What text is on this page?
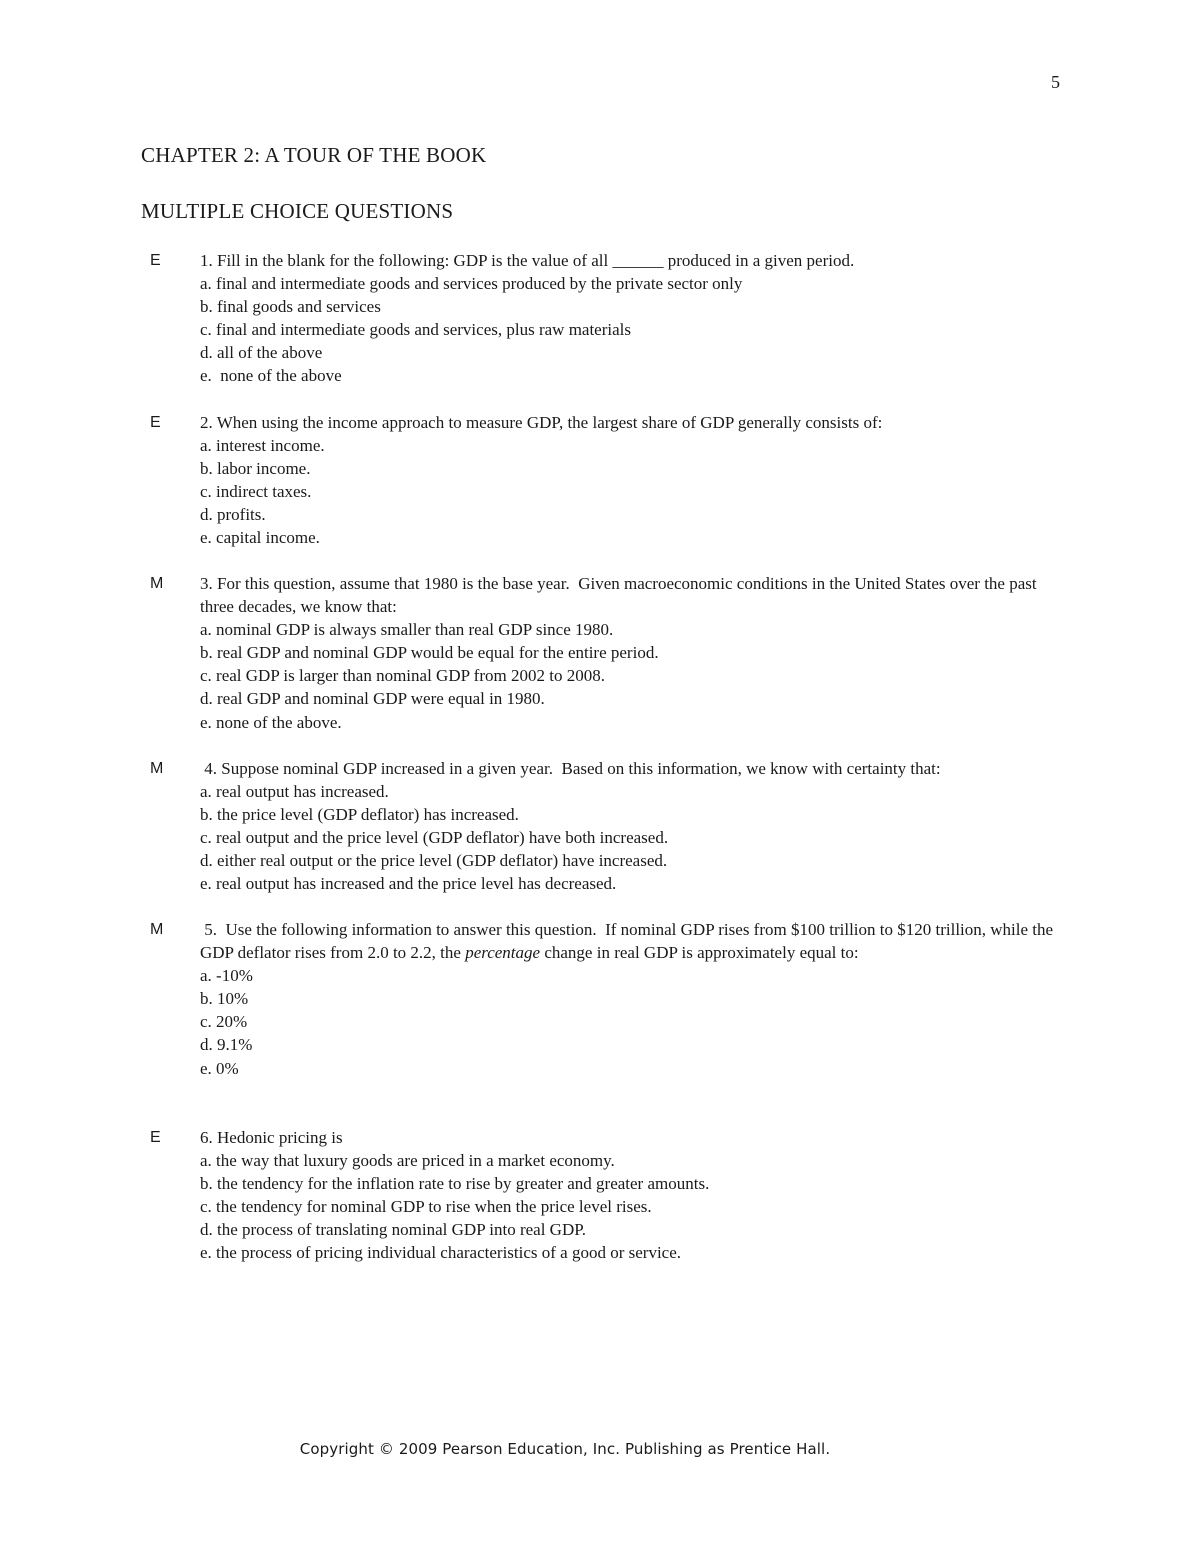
5
CHAPTER 2: A TOUR OF THE BOOK
MULTIPLE CHOICE QUESTIONS
E 1. Fill in the blank for the following: GDP is the value of all ______ produced in a given period.
a. final and intermediate goods and services produced by the private sector only
b. final goods and services
c. final and intermediate goods and services, plus raw materials
d. all of the above
e.  none of the above
E 2. When using the income approach to measure GDP, the largest share of GDP generally consists of:
a. interest income.
b. labor income.
c. indirect taxes.
d. profits.
e. capital income.
M 3. For this question, assume that 1980 is the base year.  Given macroeconomic conditions in the United States over the past three decades, we know that:
a. nominal GDP is always smaller than real GDP since 1980.
b. real GDP and nominal GDP would be equal for the entire period.
c. real GDP is larger than nominal GDP from 2002 to 2008.
d. real GDP and nominal GDP were equal in 1980.
e. none of the above.
M 4. Suppose nominal GDP increased in a given year.  Based on this information, we know with certainty that:
a. real output has increased.
b. the price level (GDP deflator) has increased.
c. real output and the price level (GDP deflator) have both increased.
d. either real output or the price level (GDP deflator) have increased.
e. real output has increased and the price level has decreased.
M 5.  Use the following information to answer this question.  If nominal GDP rises from $100 trillion to $120 trillion, while the GDP deflator rises from 2.0 to 2.2, the percentage change in real GDP is approximately equal to:
a. -10%
b. 10%
c. 20%
d. 9.1%
e. 0%
E 6. Hedonic pricing is
a. the way that luxury goods are priced in a market economy.
b. the tendency for the inflation rate to rise by greater and greater amounts.
c. the tendency for nominal GDP to rise when the price level rises.
d. the process of translating nominal GDP into real GDP.
e. the process of pricing individual characteristics of a good or service.
Copyright © 2009 Pearson Education, Inc. Publishing as Prentice Hall.
